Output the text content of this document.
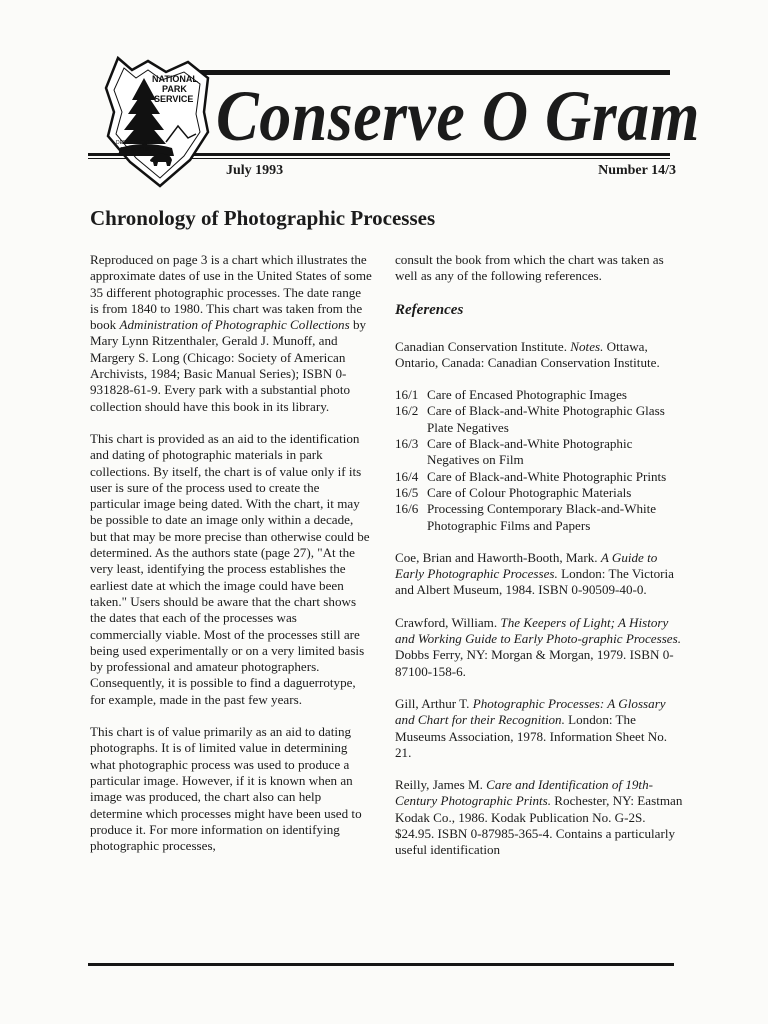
NATIONAL
PARK
SERVICE
DEPARTMENT OF
THE INTERIOR Conserve O Gram
July 1993	Number 14/3
Chronology of Photographic Processes

Reproduced on page 3 is a chart which illustrates the approximate dates of use in the United States of some 35 different photographic processes. The date range is from 1840 to 1980. This chart was taken from the book Administration of Photographic Collections by Mary Lynn Ritzenthaler, Gerald J. Munoff, and Margery S. Long (Chicago: Society of American Archivists, 1984; Basic Manual Series); ISBN 0-931828-61-9. Every park with a substantial photo collection should have this book in its library.

This chart is provided as an aid to the identification and dating of photographic materials in park collections. By itself, the chart is of value only if its user is sure of the process used to create the particular image being dated. With the chart, it may be possible to date an image only within a decade, but that may be more precise than otherwise could be determined. As the authors state (page 27), "At the very least, identifying the process establishes the earliest date at which the image could have been taken." Users should be aware that the chart shows the dates that each of the processes was commercially viable. Most of the processes still are being used experimentally or on a very limited basis by professional and amateur photographers. Consequently, it is possible to find a daguerrotype, for example, made in the past few years.

This chart is of value primarily as an aid to dating photographs. It is of limited value in determining what photographic process was used to produce a particular image. However, if it is known when an image was produced, the chart also can help determine which processes might have been used to produce it. For more information on identifying photographic processes,

consult the book from which the chart was taken as well as any of the following references.

References

Canadian Conservation Institute. Notes. Ottawa, Ontario, Canada: Canadian Conservation Institute.

16/1 Care of Encased Photographic Images
16/2 Care of Black-and-White Photographic Glass Plate Negatives
16/3 Care of Black-and-White Photographic Negatives on Film
16/4 Care of Black-and-White Photographic Prints
16/5 Care of Colour Photographic Materials
16/6 Processing Contemporary Black-and-White Photographic Films and Papers

Coe, Brian and Haworth-Booth, Mark. A Guide to Early Photographic Processes. London: The Victoria and Albert Museum, 1984. ISBN 0-90509-40-0.

Crawford, William. The Keepers of Light; A History and Working Guide to Early Photo-graphic Processes. Dobbs Ferry, NY: Morgan & Morgan, 1979. ISBN 0-87100-158-6.

Gill, Arthur T. Photographic Processes: A Glossary and Chart for their Recognition. London: The Museums Association, 1978. Information Sheet No. 21.

Reilly, James M. Care and Identification of 19th-Century Photographic Prints. Rochester, NY: Eastman Kodak Co., 1986. Kodak Publication No. G-2S. $24.95. ISBN 0-87985-365-4. Contains a particularly useful identification
